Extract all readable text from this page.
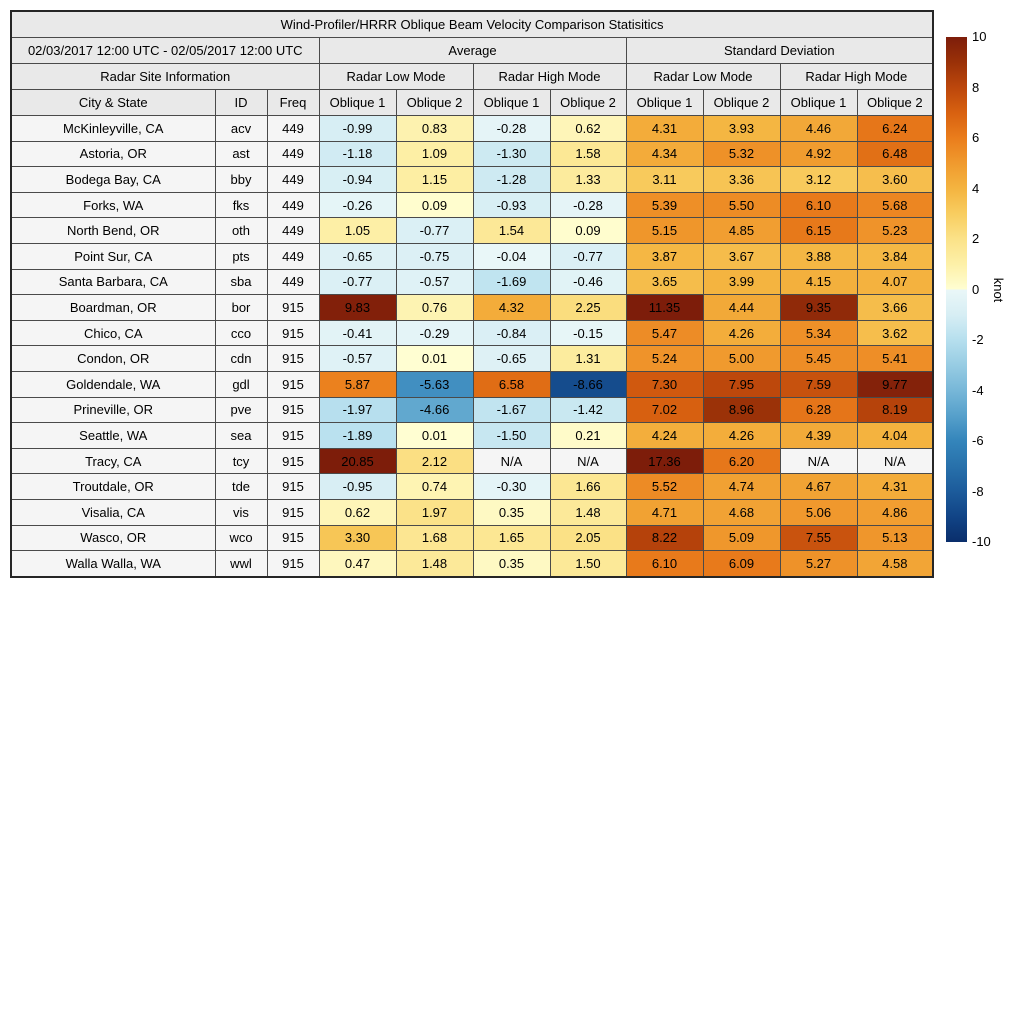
Wind-Profiler/HRRR Oblique Beam Velocity Comparison Statisitics										
02/03/2017 12:00 UTC - 02/05/2017 12:00 UTC			Average				Standard Deviation			
Radar Site Information			Radar Low Mode		Radar High Mode		Radar Low Mode		Radar High Mode	
City & State	ID	Freq	Oblique 1	Oblique 2	Oblique 1	Oblique 2	Oblique 1	Oblique 2	Oblique 1	Oblique 2
McKinleyville, CA	acv	449	-0.99	0.83	-0.28	0.62	4.31	3.93	4.46	6.24
Astoria, OR	ast	449	-1.18	1.09	-1.30	1.58	4.34	5.32	4.92	6.48
Bodega Bay, CA	bby	449	-0.94	1.15	-1.28	1.33	3.11	3.36	3.12	3.60
Forks, WA	fks	449	-0.26	0.09	-0.93	-0.28	5.39	5.50	6.10	5.68
North Bend, OR	oth	449	1.05	-0.77	1.54	0.09	5.15	4.85	6.15	5.23
Point Sur, CA	pts	449	-0.65	-0.75	-0.04	-0.77	3.87	3.67	3.88	3.84
Santa Barbara, CA	sba	449	-0.77	-0.57	-1.69	-0.46	3.65	3.99	4.15	4.07
Boardman, OR	bor	915	9.83	0.76	4.32	2.25	11.35	4.44	9.35	3.66
Chico, CA	cco	915	-0.41	-0.29	-0.84	-0.15	5.47	4.26	5.34	3.62
Condon, OR	cdn	915	-0.57	0.01	-0.65	1.31	5.24	5.00	5.45	5.41
Goldendale, WA	gdl	915	5.87	-5.63	6.58	-8.66	7.30	7.95	7.59	9.77
Prineville, OR	pve	915	-1.97	-4.66	-1.67	-1.42	7.02	8.96	6.28	8.19
Seattle, WA	sea	915	-1.89	0.01	-1.50	0.21	4.24	4.26	4.39	4.04
Tracy, CA	tcy	915	20.85	2.12	N/A	N/A	17.36	6.20	N/A	N/A
Troutdale, OR	tde	915	-0.95	0.74	-0.30	1.66	5.52	4.74	4.67	4.31
Visalia, CA	vis	915	0.62	1.97	0.35	1.48	4.71	4.68	5.06	4.86
Wasco, OR	wco	915	3.30	1.68	1.65	2.05	8.22	5.09	7.55	5.13
Walla Walla, WA	wwl	915	0.47	1.48	0.35	1.50	6.10	6.09	5.27	4.58
10
8
6
4
2
0
-2
-4
-6
-8
-10
knot
